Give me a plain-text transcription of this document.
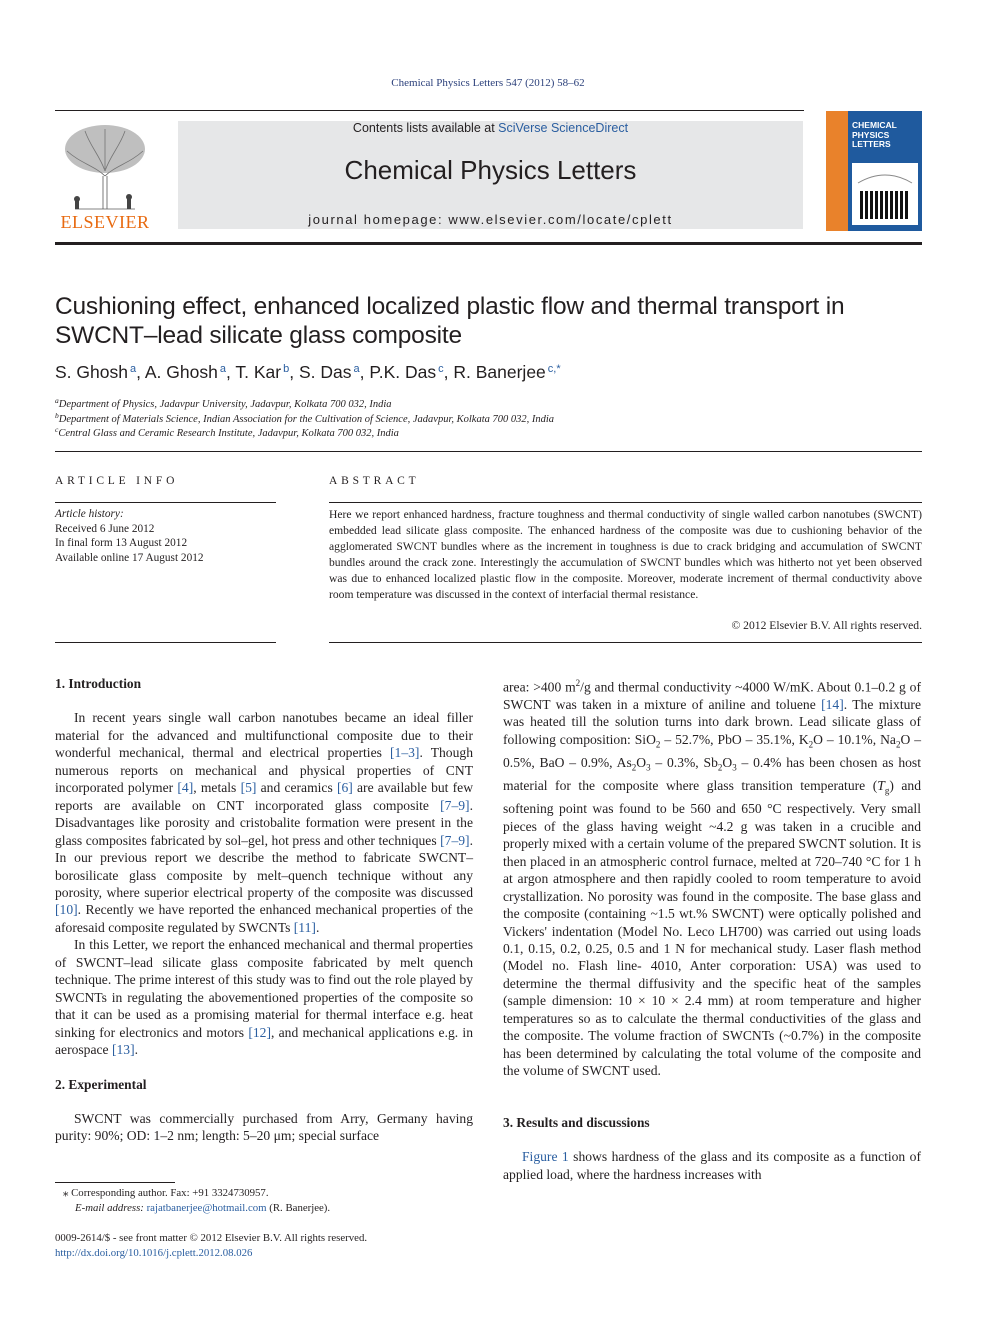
Chemical Physics Letters 547 (2012) 58–62
ELSEVIER
Contents lists available at SciVerse ScienceDirect
Chemical Physics Letters
journal homepage: www.elsevier.com/locate/cplett
CHEMICAL
PHYSICS
LETTERS
Cushioning effect, enhanced localized plastic flow and thermal transport in SWCNT–lead silicate glass composite
S. Ghosh $^a$, A. Ghosh $^a$, T. Kar $^b$, S. Das $^a$, P.K. Das $^c$, R. Banerjee $^{c,*}$
$^a$Department of Physics, Jadavpur University, Jadavpur, Kolkata 700 032, India
$^b$Department of Materials Science, Indian Association for the Cultivation of Science, Jadavpur, Kolkata 700 032, India
$^c$Central Glass and Ceramic Research Institute, Jadavpur, Kolkata 700 032, India
ARTICLE INFO	ABSTRACT
Article history:
Received 6 June 2012
In final form 13 August 2012
Available online 17 August 2012
Here we report enhanced hardness, fracture toughness and thermal conductivity of single walled carbon nanotubes (SWCNT) embedded lead silicate glass composite. The enhanced hardness of the composite was due to cushioning behavior of the agglomerated SWCNT bundles where as the increment in toughness is due to crack bridging and accumulation of SWCNT bundles around the crack zone. Interestingly the accumulation of SWCNT bundles which was hitherto not yet been observed was due to enhanced localized plastic flow in the composite. Moreover, moderate increment of thermal conductivity above room temperature was discussed in the context of interfacial thermal resistance.
© 2012 Elsevier B.V. All rights reserved.
1. Introduction

In recent years single wall carbon nanotubes became an ideal filler material for the advanced and multifunctional composite due to their wonderful mechanical, thermal and electrical properties [1–3]. Though numerous reports on mechanical and physical properties of CNT incorporated polymer [4], metals [5] and ceramics [6] are available but few reports are available on CNT incorporated glass composite [7–9]. Disadvantages like porosity and cristobalite formation were present in the glass composites fabricated by sol–gel, hot press and other techniques [7–9]. In our previous report we describe the method to fabricate SWCNT–borosilicate glass composite by melt–quench technique without any porosity, where superior electrical property of the composite was discussed [10]. Recently we have reported the enhanced mechanical properties of the aforesaid composite regulated by SWCNTs [11].

In this Letter, we report the enhanced mechanical and thermal properties of SWCNT–lead silicate glass composite fabricated by melt quench technique. The prime interest of this study was to find out the role played by SWCNTs in regulating the abovementioned properties of the composite so that it can be used as a promising material for thermal interface e.g. heat sinking for electronics and motors [12], and mechanical applications e.g. in aerospace [13].

2. Experimental

SWCNT was commercially purchased from Arry, Germany having purity: 90%; OD: 1–2 nm; length: 5–20 μm; special surface

area: >400 $m^2/g$ and thermal conductivity ~4000 W/mK. About 0.1–0.2 g of SWCNT was taken in a mixture of aniline and toluene [14]. The mixture was heated till the solution turns into dark brown. Lead silicate glass of following composition: SiO$_2$ – 52.7%, PbO – 35.1%, $K_2O - 10.1\%$, $Na_2O - 0.5\%$, BaO – 0.9%, $As_2O_3 - 0.3\%$, $Sb_2O_3 - 0.4\%$ has been chosen as host material for the composite where glass transition temperature $(T_g)$ and softening point was found to be 560 and 650 °C respectively. Very small pieces of the glass having weight ~4.2 g was taken in a crucible and properly mixed with a certain volume of the prepared SWCNT solution. It is then placed in an atmospheric control furnace, melted at 720–740 °C for 1 h at argon atmosphere and then rapidly cooled to room temperature to avoid crystallization. No porosity was found in the composite. The base glass and the composite (containing ~1.5 wt.% SWCNT) were optically polished and Vickers' indentation (Model No. Leco LH700) was carried out using loads 0.1, 0.15, 0.2, 0.25, 0.5 and 1 N for mechanical study. Laser flash method (Model no. Flash line- 4010, Anter corporation: USA) was used to determine the thermal diffusivity and the specific heat of the samples (sample dimension: 10 × 10 × 2.4 mm) at room temperature and higher temperatures so as to calculate the thermal conductivities of the glass and the composite. The volume fraction of SWCNTs (~0.7%) in the composite has been determined by calculating the total volume of the composite and the volume of SWCNT used.

3. Results and discussions

Figure 1 shows hardness of the glass and its composite as a function of applied load, where the hardness increases with

⁎ Corresponding author. Fax: +91 3324730957.
E-mail address: rajatbanerjee@hotmail.com (R. Banerjee).
0009-2614/$ - see front matter © 2012 Elsevier B.V. All rights reserved.
http://dx.doi.org/10.1016/j.cplett.2012.08.026
